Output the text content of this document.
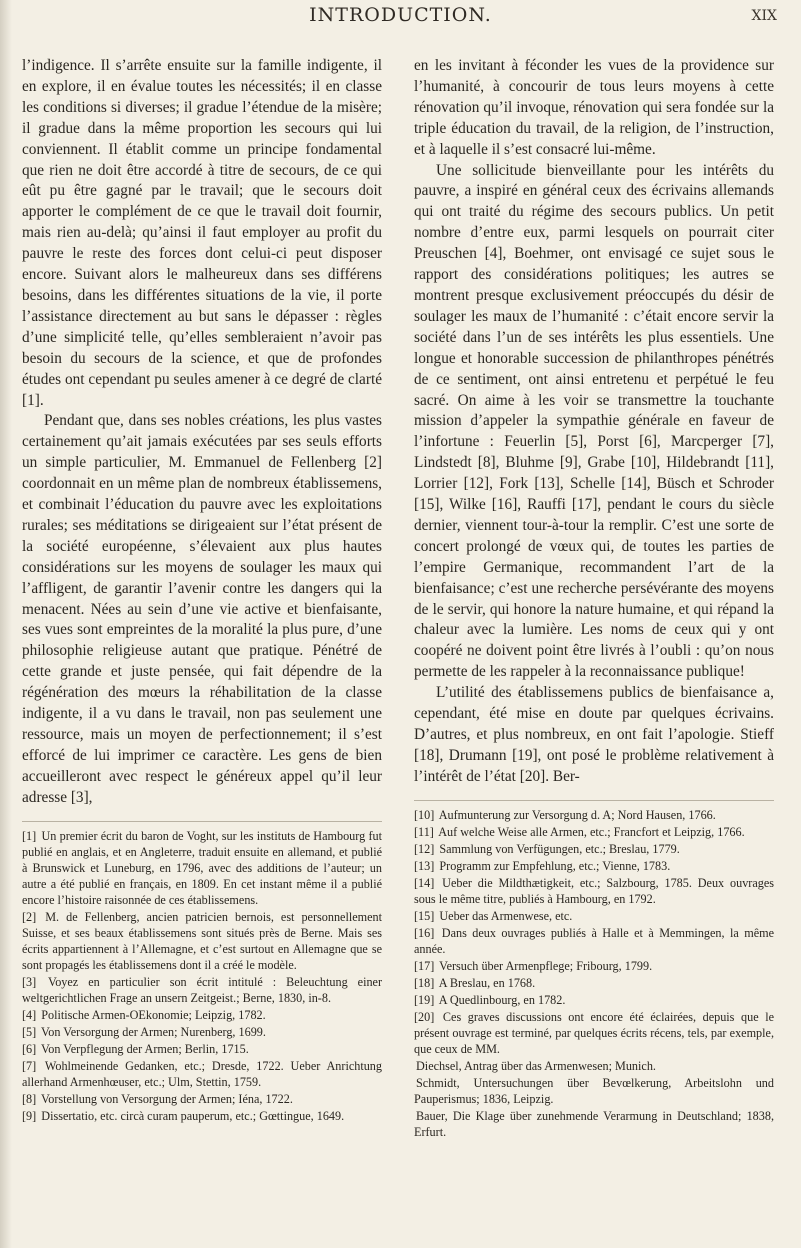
INTRODUCTION.	XIX

l’indigence. Il s’arrête ensuite sur la famille indigente, il en explore, il en évalue toutes les nécessités; il en classe les conditions si diverses; il gradue l’étendue de la misère; il gradue dans la même proportion les secours qui lui conviennent. Il établit comme un principe fondamental que rien ne doit être accordé à titre de secours, de ce qui eût pu être gagné par le travail; que le secours doit apporter le complément de ce que le travail doit fournir, mais rien au-delà; qu’ainsi il faut employer au profit du pauvre le reste des forces dont celui-ci peut disposer encore. Suivant alors le malheureux dans ses différens besoins, dans les différentes situations de la vie, il porte l’assistance directement au but sans le dépasser : règles d’une simplicité telle, qu’elles sembleraient n’avoir pas besoin du secours de la science, et que de profondes études ont cependant pu seules amener à ce degré de clarté [1].

Pendant que, dans ses nobles créations, les plus vastes certainement qu’ait jamais exécutées par ses seuls efforts un simple particulier, M. Emmanuel de Fellenberg [2] coordonnait en un même plan de nombreux établissemens, et combinait l’éducation du pauvre avec les exploitations rurales; ses méditations se dirigeaient sur l’état présent de la société européenne, s’élevaient aux plus hautes considérations sur les moyens de soulager les maux qui l’affligent, de garantir l’avenir contre les dangers qui la menacent. Nées au sein d’une vie active et bienfaisante, ses vues sont empreintes de la moralité la plus pure, d’une philosophie religieuse autant que pratique. Pénétré de cette grande et juste pensée, qui fait dépendre de la régénération des mœurs la réhabilitation de la classe indigente, il a vu dans le travail, non pas seulement une ressource, mais un moyen de perfectionnement; il s’est efforcé de lui imprimer ce caractère. Les gens de bien accueilleront avec respect le généreux appel qu’il leur adresse [3],

[1] Un premier écrit du baron de Voght, sur les instituts de Hambourg fut publié en anglais, et en Angleterre, traduit ensuite en allemand, et publié à Brunswick et Luneburg, en 1796, avec des additions de l’auteur; un autre a été publié en français, en 1809. En cet instant même il a publié encore l’histoire raisonnée de ces établissemens.

[2] M. de Fellenberg, ancien patricien bernois, est personnellement Suisse, et ses beaux établissemens sont situés près de Berne. Mais ses écrits appartiennent à l’Allemagne, et c’est surtout en Allemagne que se sont propagés les établissemens dont il a créé le modèle.

[3] Voyez en particulier son écrit intitulé : Beleuchtung einer weltgerichtlichen Frage an unsern Zeitgeist.; Berne, 1830, in-8.

[4] Politische Armen-OEkonomie; Leipzig, 1782.

[5] Von Versorgung der Armen; Nurenberg, 1699.

[6] Von Verpflegung der Armen; Berlin, 1715.

[7] Wohlmeinende Gedanken, etc.; Dresde, 1722. Ueber Anrichtung allerhand Armenhœuser, etc.; Ulm, Stettin, 1759.

[8] Vorstellung von Versorgung der Armen; Iéna, 1722.

[9] Dissertatio, etc. circà curam pauperum, etc.; Gœttingue, 1649.

en les invitant à féconder les vues de la providence sur l’humanité, à concourir de tous leurs moyens à cette rénovation qu’il invoque, rénovation qui sera fondée sur la triple éducation du travail, de la religion, de l’instruction, et à laquelle il s’est consacré lui-même.

Une sollicitude bienveillante pour les intérêts du pauvre, a inspiré en général ceux des écrivains allemands qui ont traité du régime des secours publics. Un petit nombre d’entre eux, parmi lesquels on pourrait citer Preuschen [4], Boehmer, ont envisagé ce sujet sous le rapport des considérations politiques; les autres se montrent presque exclusivement préoccupés du désir de soulager les maux de l’humanité : c’était encore servir la société dans l’un de ses intérêts les plus essentiels. Une longue et honorable succession de philanthropes pénétrés de ce sentiment, ont ainsi entretenu et perpétué le feu sacré. On aime à les voir se transmettre la touchante mission d’appeler la sympathie générale en faveur de l’infortune : Feuerlin [5], Porst [6], Marcperger [7], Lindstedt [8], Bluhme [9], Grabe [10], Hildebrandt [11], Lorrier [12], Fork [13], Schelle [14], Büsch et Schroder [15], Wilke [16], Rauffi [17], pendant le cours du siècle dernier, viennent tour-à-tour la remplir. C’est une sorte de concert prolongé de vœux qui, de toutes les parties de l’empire Germanique, recommandent l’art de la bienfaisance; c’est une recherche persévérante des moyens de le servir, qui honore la nature humaine, et qui répand la chaleur avec la lumière. Les noms de ceux qui y ont coopéré ne doivent point être livrés à l’oubli : qu’on nous permette de les rappeler à la reconnaissance publique!

L’utilité des établissemens publics de bienfaisance a, cependant, été mise en doute par quelques écrivains. D’autres, et plus nombreux, en ont fait l’apologie. Stieff [18], Drumann [19], ont posé le problème relativement à l’intérêt de l’état [20]. Ber-

[10] Aufmunterung zur Versorgung d. A; Nord Hausen, 1766.

[11] Auf welche Weise alle Armen, etc.; Francfort et Leipzig, 1766.

[12] Sammlung von Verfügungen, etc.; Breslau, 1779.

[13] Programm zur Empfehlung, etc.; Vienne, 1783.

[14] Ueber die Mildthætigkeit, etc.; Salzbourg, 1785. Deux ouvrages sous le même titre, publiés à Hambourg, en 1792.

[15] Ueber das Armenwese, etc.

[16] Dans deux ouvrages publiés à Halle et à Memmingen, la même année.

[17] Versuch über Armenpflege; Fribourg, 1799.

[18] A Breslau, en 1768.

[19] A Quedlinbourg, en 1782.

[20] Ces graves discussions ont encore été éclairées, depuis que le présent ouvrage est terminé, par quelques écrits récens, tels, par exemple, que ceux de MM.

Diechsel, Antrag über das Armenwesen; Munich.

Schmidt, Untersuchungen über Bevœlkerung, Arbeitslohn und Pauperismus; 1836, Leipzig.

Bauer, Die Klage über zunehmende Verarmung in Deutschland; 1838, Erfurt.
